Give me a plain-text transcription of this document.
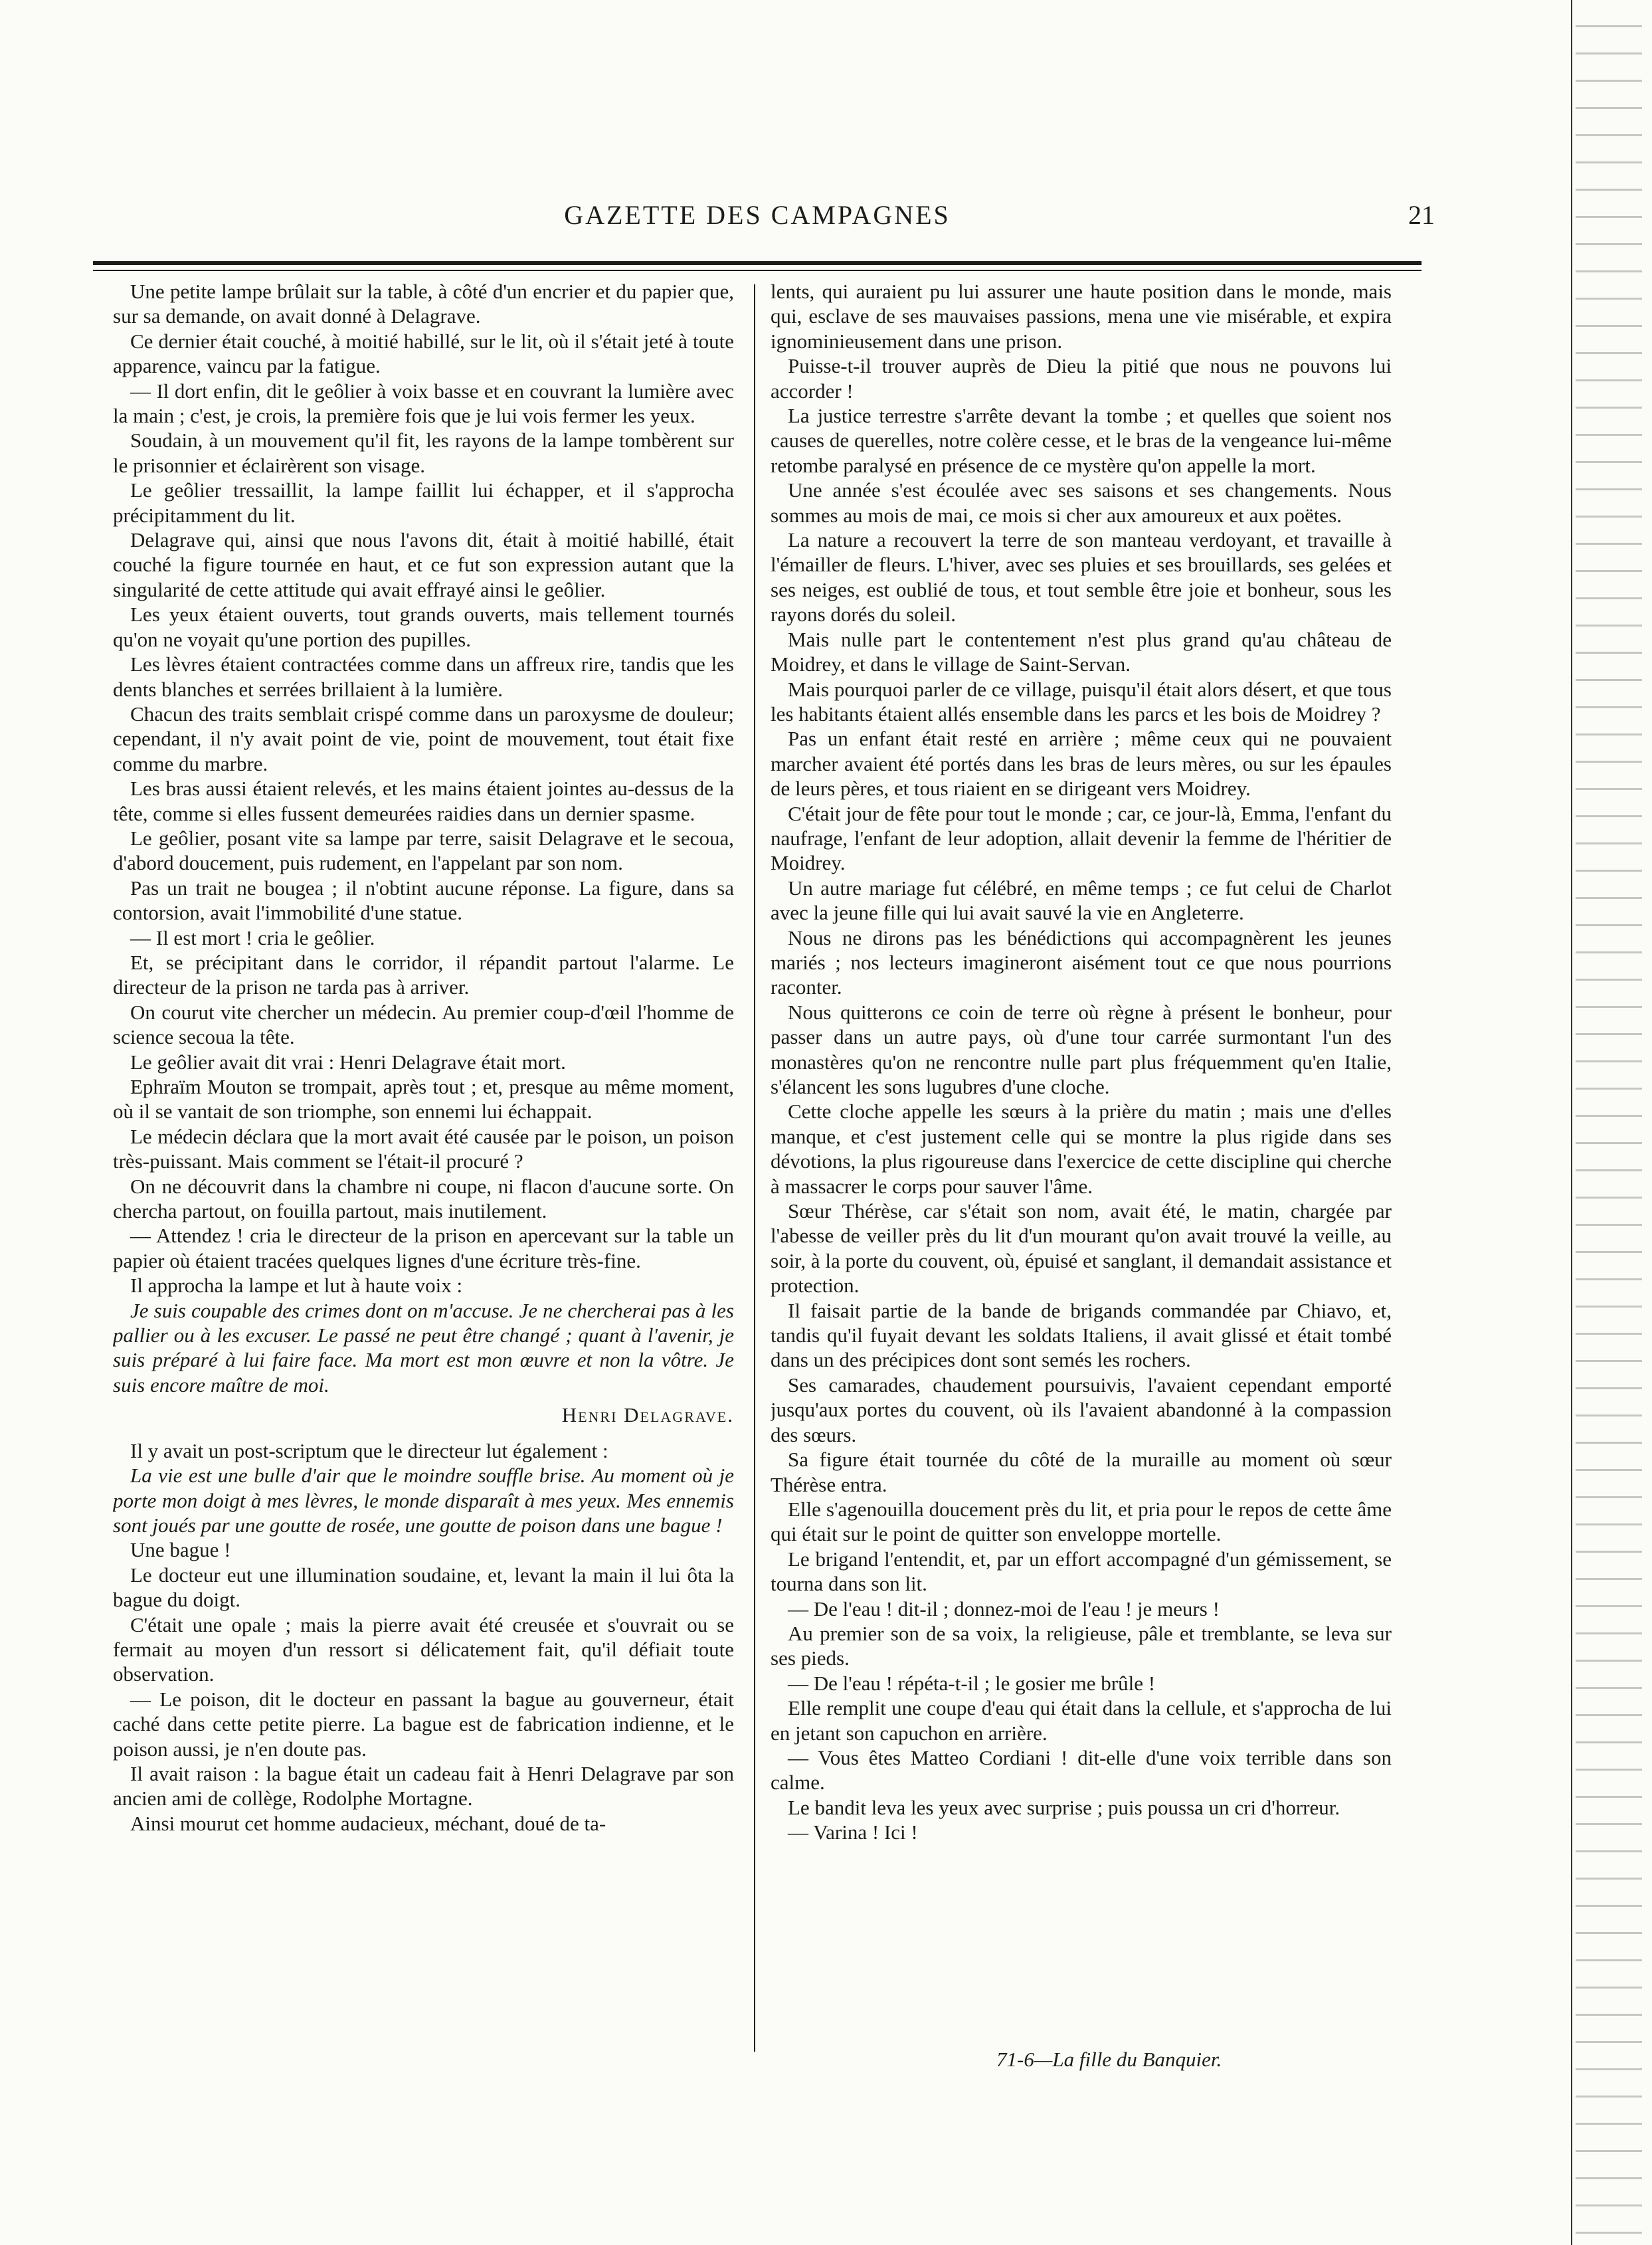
GAZETTE DES CAMPAGNES	21

Une petite lampe brûlait sur la table, à côté d'un encrier et du papier que, sur sa demande, on avait donné à Delagrave.

Ce dernier était couché, à moitié habillé, sur le lit, où il s'était jeté à toute apparence, vaincu par la fatigue.

— Il dort enfin, dit le geôlier à voix basse et en couvrant la lumière avec la main ; c'est, je crois, la première fois que je lui vois fermer les yeux.

Soudain, à un mouvement qu'il fit, les rayons de la lampe tombèrent sur le prisonnier et éclairèrent son visage.

Le geôlier tressaillit, la lampe faillit lui échapper, et il s'approcha précipitamment du lit.

Delagrave qui, ainsi que nous l'avons dit, était à moitié habillé, était couché la figure tournée en haut, et ce fut son expression autant que la singularité de cette attitude qui avait effrayé ainsi le geôlier.

Les yeux étaient ouverts, tout grands ouverts, mais tellement tournés qu'on ne voyait qu'une portion des pupilles.

Les lèvres étaient contractées comme dans un affreux rire, tandis que les dents blanches et serrées brillaient à la lumière.

Chacun des traits semblait crispé comme dans un paroxysme de douleur; cependant, il n'y avait point de vie, point de mouvement, tout était fixe comme du marbre.

Les bras aussi étaient relevés, et les mains étaient jointes au-dessus de la tête, comme si elles fussent demeurées raidies dans un dernier spasme.

Le geôlier, posant vite sa lampe par terre, saisit Delagrave et le secoua, d'abord doucement, puis rudement, en l'appelant par son nom.

Pas un trait ne bougea ; il n'obtint aucune réponse. La figure, dans sa contorsion, avait l'immobilité d'une statue.

— Il est mort ! cria le geôlier.

Et, se précipitant dans le corridor, il répandit partout l'alarme. Le directeur de la prison ne tarda pas à arriver.

On courut vite chercher un médecin. Au premier coup-d'œil l'homme de science secoua la tête.

Le geôlier avait dit vrai : Henri Delagrave était mort.

Ephraïm Mouton se trompait, après tout ; et, presque au même moment, où il se vantait de son triomphe, son ennemi lui échappait.

Le médecin déclara que la mort avait été causée par le poison, un poison très-puissant. Mais comment se l'était-il procuré ?

On ne découvrit dans la chambre ni coupe, ni flacon d'aucune sorte. On chercha partout, on fouilla partout, mais inutilement.

— Attendez ! cria le directeur de la prison en apercevant sur la table un papier où étaient tracées quelques lignes d'une écriture très-fine.

Il approcha la lampe et lut à haute voix :

Je suis coupable des crimes dont on m'accuse. Je ne chercherai pas à les pallier ou à les excuser. Le passé ne peut être changé ; quant à l'avenir, je suis préparé à lui faire face. Ma mort est mon œuvre et non la vôtre. Je suis encore maître de moi.

Henri Delagrave.

Il y avait un post-scriptum que le directeur lut également :

La vie est une bulle d'air que le moindre souffle brise. Au moment où je porte mon doigt à mes lèvres, le monde disparaît à mes yeux. Mes ennemis sont joués par une goutte de rosée, une goutte de poison dans une bague !

Une bague !

Le docteur eut une illumination soudaine, et, levant la main il lui ôta la bague du doigt.

C'était une opale ; mais la pierre avait été creusée et s'ouvrait ou se fermait au moyen d'un ressort si délicatement fait, qu'il défiait toute observation.

— Le poison, dit le docteur en passant la bague au gouverneur, était caché dans cette petite pierre. La bague est de fabrication indienne, et le poison aussi, je n'en doute pas.

Il avait raison : la bague était un cadeau fait à Henri Delagrave par son ancien ami de collège, Rodolphe Mortagne.

Ainsi mourut cet homme audacieux, méchant, doué de ta-

lents, qui auraient pu lui assurer une haute position dans le monde, mais qui, esclave de ses mauvaises passions, mena une vie misérable, et expira ignominieusement dans une prison.

Puisse-t-il trouver auprès de Dieu la pitié que nous ne pouvons lui accorder !

La justice terrestre s'arrête devant la tombe ; et quelles que soient nos causes de querelles, notre colère cesse, et le bras de la vengeance lui-même retombe paralysé en présence de ce mystère qu'on appelle la mort.

Une année s'est écoulée avec ses saisons et ses changements. Nous sommes au mois de mai, ce mois si cher aux amoureux et aux poëtes.

La nature a recouvert la terre de son manteau verdoyant, et travaille à l'émailler de fleurs. L'hiver, avec ses pluies et ses brouillards, ses gelées et ses neiges, est oublié de tous, et tout semble être joie et bonheur, sous les rayons dorés du soleil.

Mais nulle part le contentement n'est plus grand qu'au château de Moidrey, et dans le village de Saint-Servan.

Mais pourquoi parler de ce village, puisqu'il était alors désert, et que tous les habitants étaient allés ensemble dans les parcs et les bois de Moidrey ?

Pas un enfant était resté en arrière ; même ceux qui ne pouvaient marcher avaient été portés dans les bras de leurs mères, ou sur les épaules de leurs pères, et tous riaient en se dirigeant vers Moidrey.

C'était jour de fête pour tout le monde ; car, ce jour-là, Emma, l'enfant du naufrage, l'enfant de leur adoption, allait devenir la femme de l'héritier de Moidrey.

Un autre mariage fut célébré, en même temps ; ce fut celui de Charlot avec la jeune fille qui lui avait sauvé la vie en Angleterre.

Nous ne dirons pas les bénédictions qui accompagnèrent les jeunes mariés ; nos lecteurs imagineront aisément tout ce que nous pourrions raconter.

Nous quitterons ce coin de terre où règne à présent le bonheur, pour passer dans un autre pays, où d'une tour carrée surmontant l'un des monastères qu'on ne rencontre nulle part plus fréquemment qu'en Italie, s'élancent les sons lugubres d'une cloche.

Cette cloche appelle les sœurs à la prière du matin ; mais une d'elles manque, et c'est justement celle qui se montre la plus rigide dans ses dévotions, la plus rigoureuse dans l'exercice de cette discipline qui cherche à massacrer le corps pour sauver l'âme.

Sœur Thérèse, car s'était son nom, avait été, le matin, chargée par l'abesse de veiller près du lit d'un mourant qu'on avait trouvé la veille, au soir, à la porte du couvent, où, épuisé et sanglant, il demandait assistance et protection.

Il faisait partie de la bande de brigands commandée par Chiavo, et, tandis qu'il fuyait devant les soldats Italiens, il avait glissé et était tombé dans un des précipices dont sont semés les rochers.

Ses camarades, chaudement poursuivis, l'avaient cependant emporté jusqu'aux portes du couvent, où ils l'avaient abandonné à la compassion des sœurs.

Sa figure était tournée du côté de la muraille au moment où sœur Thérèse entra.

Elle s'agenouilla doucement près du lit, et pria pour le repos de cette âme qui était sur le point de quitter son enveloppe mortelle.

Le brigand l'entendit, et, par un effort accompagné d'un gémissement, se tourna dans son lit.

— De l'eau ! dit-il ; donnez-moi de l'eau ! je meurs !

Au premier son de sa voix, la religieuse, pâle et tremblante, se leva sur ses pieds.

— De l'eau ! répéta-t-il ; le gosier me brûle !

Elle remplit une coupe d'eau qui était dans la cellule, et s'approcha de lui en jetant son capuchon en arrière.

— Vous êtes Matteo Cordiani ! dit-elle d'une voix terrible dans son calme.

Le bandit leva les yeux avec surprise ; puis poussa un cri d'horreur.

— Varina ! Ici !

71-6—La fille du Banquier.
